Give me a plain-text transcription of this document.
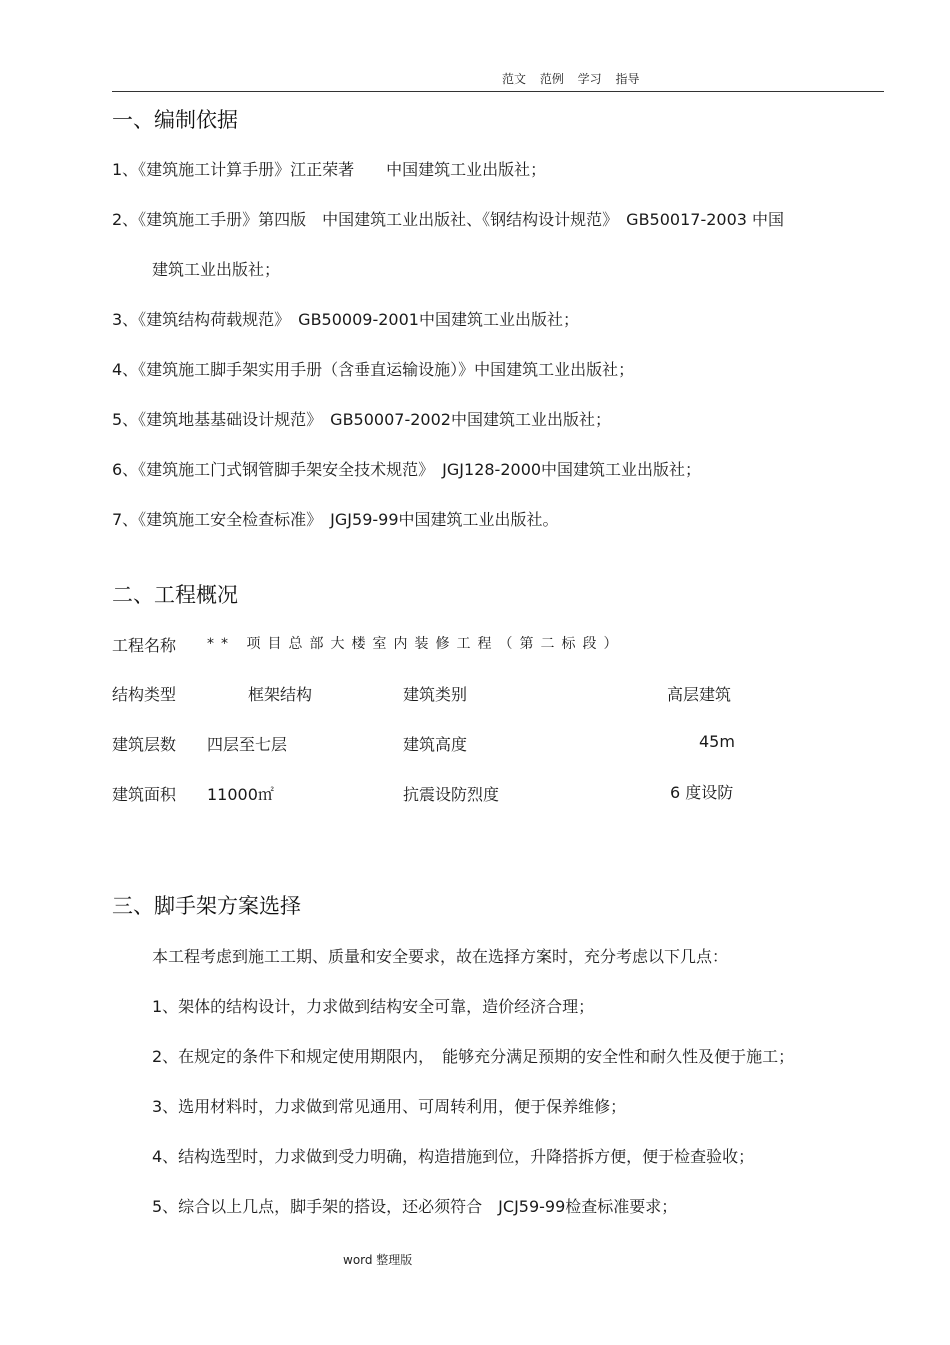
范文 范例 学习 指导
一、编制依据
1、《建筑施工计算手册》江正荣著　　中国建筑工业出版社；
2、《建筑施工手册》第四版　中国建筑工业出版社、《钢结构设计规范》　GB50017-2003 中国
建筑工业出版社；
3、《建筑结构荷载规范》　GB50009-2001中国建筑工业出版社；
4、《建筑施工脚手架实用手册（含垂直运输设施）》中国建筑工业出版社；
5、《建筑地基基础设计规范》　GB50007-2002中国建筑工业出版社；
6、《建筑施工门式钢管脚手架安全技术规范》　JGJ128-2000中国建筑工业出版社；
7、《建筑施工安全检查标准》　JGJ59-99中国建筑工业出版社。
二、工程概况
工程名称 ** 项目总部大楼室内装修工程（第二标段）
结构类型	框架结构	建筑类别	高层建筑
建筑层数 四层至七层	建筑高度	45m
建筑面积 11000㎡	抗震设防烈度	6 度设防
三、脚手架方案选择
本工程考虑到施工工期、质量和安全要求，故在选择方案时，充分考虑以下几点：
1、架体的结构设计，力求做到结构安全可靠，造价经济合理；
2、在规定的条件下和规定使用期限内，　能够充分满足预期的安全性和耐久性及便于施工；
3、选用材料时，力求做到常见通用、可周转利用，便于保养维修；
4、结构选型时，力求做到受力明确，构造措施到位，升降搭拆方便，便于检查验收；
5、综合以上几点，脚手架的搭设，还必须符合　JCJ59-99检查标准要求；
word 整理版
